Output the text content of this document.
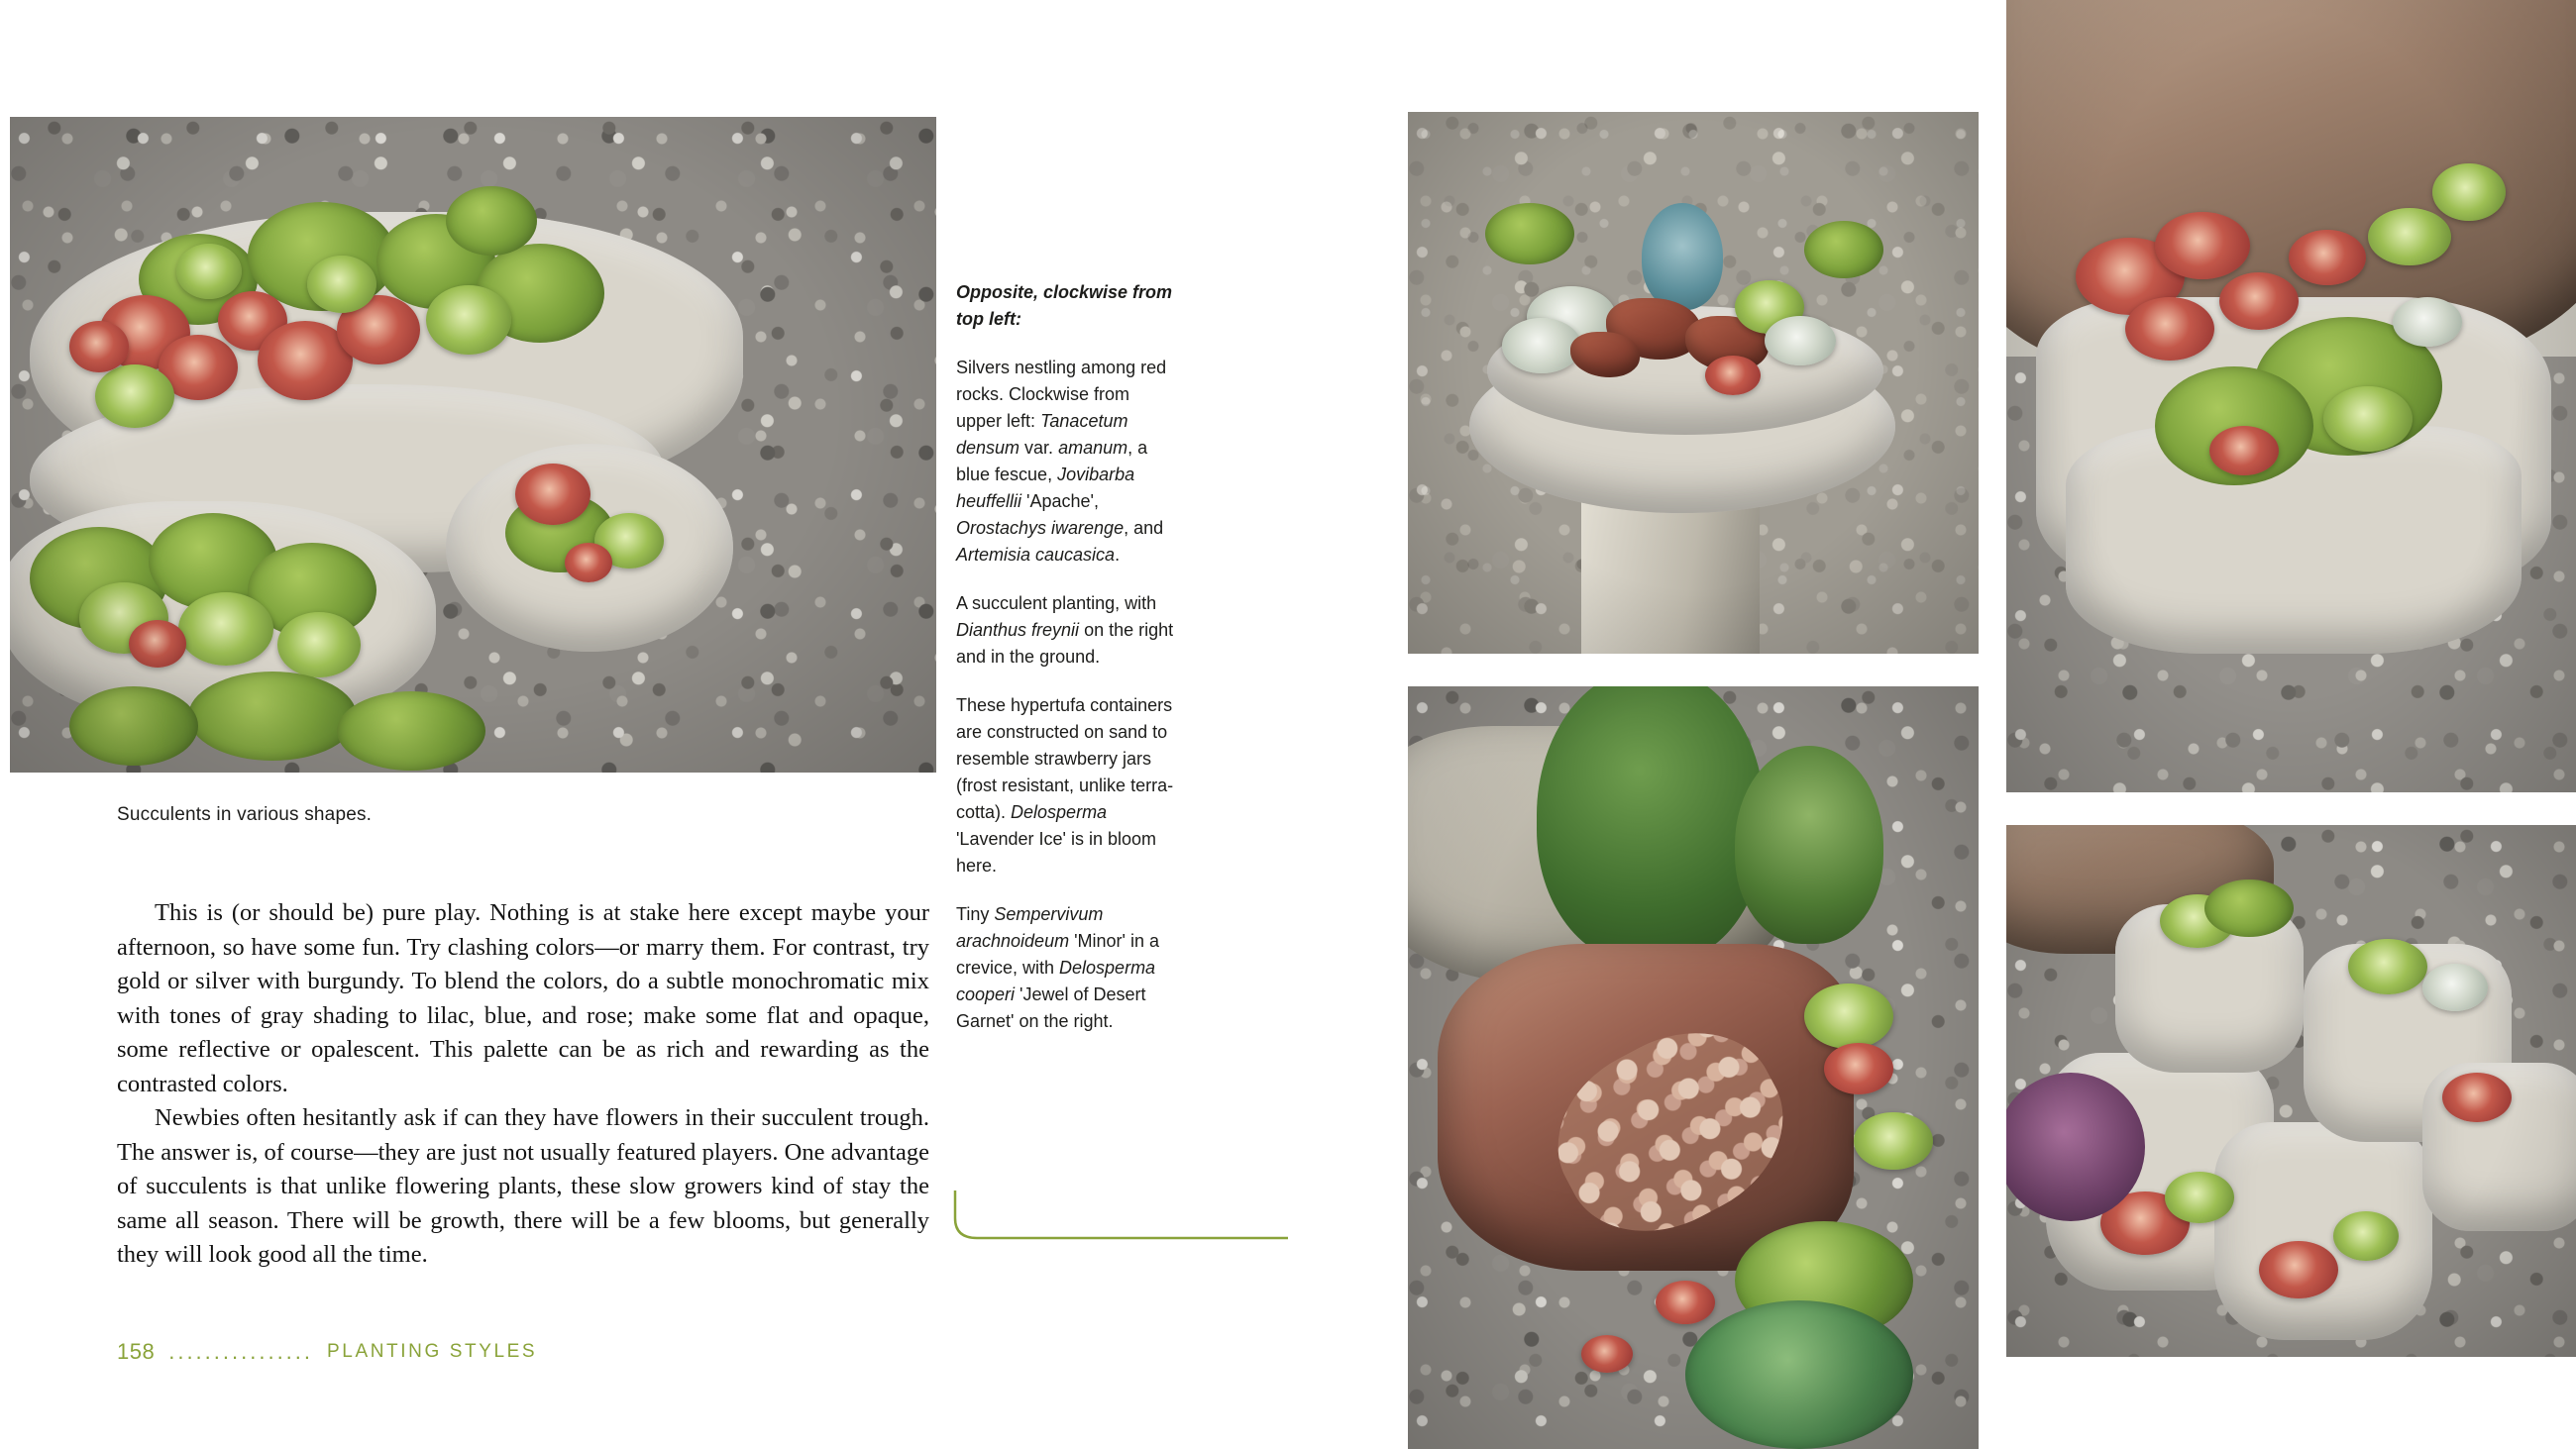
Succulents in various shapes.

This is (or should be) pure play. Nothing is at stake here except maybe your afternoon, so have some fun. Try clashing colors—or marry them. For contrast, try gold or silver with burgundy. To blend the colors, do a subtle monochromatic mix with tones of gray shading to lilac, blue, and rose; make some flat and opaque, some reflective or opalescent. This palette can be as rich and rewarding as the contrasted colors.

Newbies often hesitantly ask if can they have flowers in their succulent trough. The answer is, of course—they are just not usually featured players. One advantage of succulents is that unlike flowering plants, these slow growers kind of stay the same all season. There will be growth, there will be a few blooms, but generally they will look good all the time.

158 ................ PLANTING STYLES

Opposite, clockwise from top left:

Silvers nestling among red rocks. Clockwise from upper left: Tanacetum densum var. amanum, a blue fescue, Jovibarba heuffellii 'Apache', Orostachys iwarenge, and Artemisia caucasica.

A succulent planting, with Dianthus freynii on the right and in the ground.

These hypertufa containers are constructed on sand to resemble strawberry jars (frost resistant, unlike terra-cotta). Delosperma 'Lavender Ice' is in bloom here.

Tiny Sempervivum arachnoideum 'Minor' in a crevice, with Delosperma cooperi 'Jewel of Desert Garnet' on the right.
